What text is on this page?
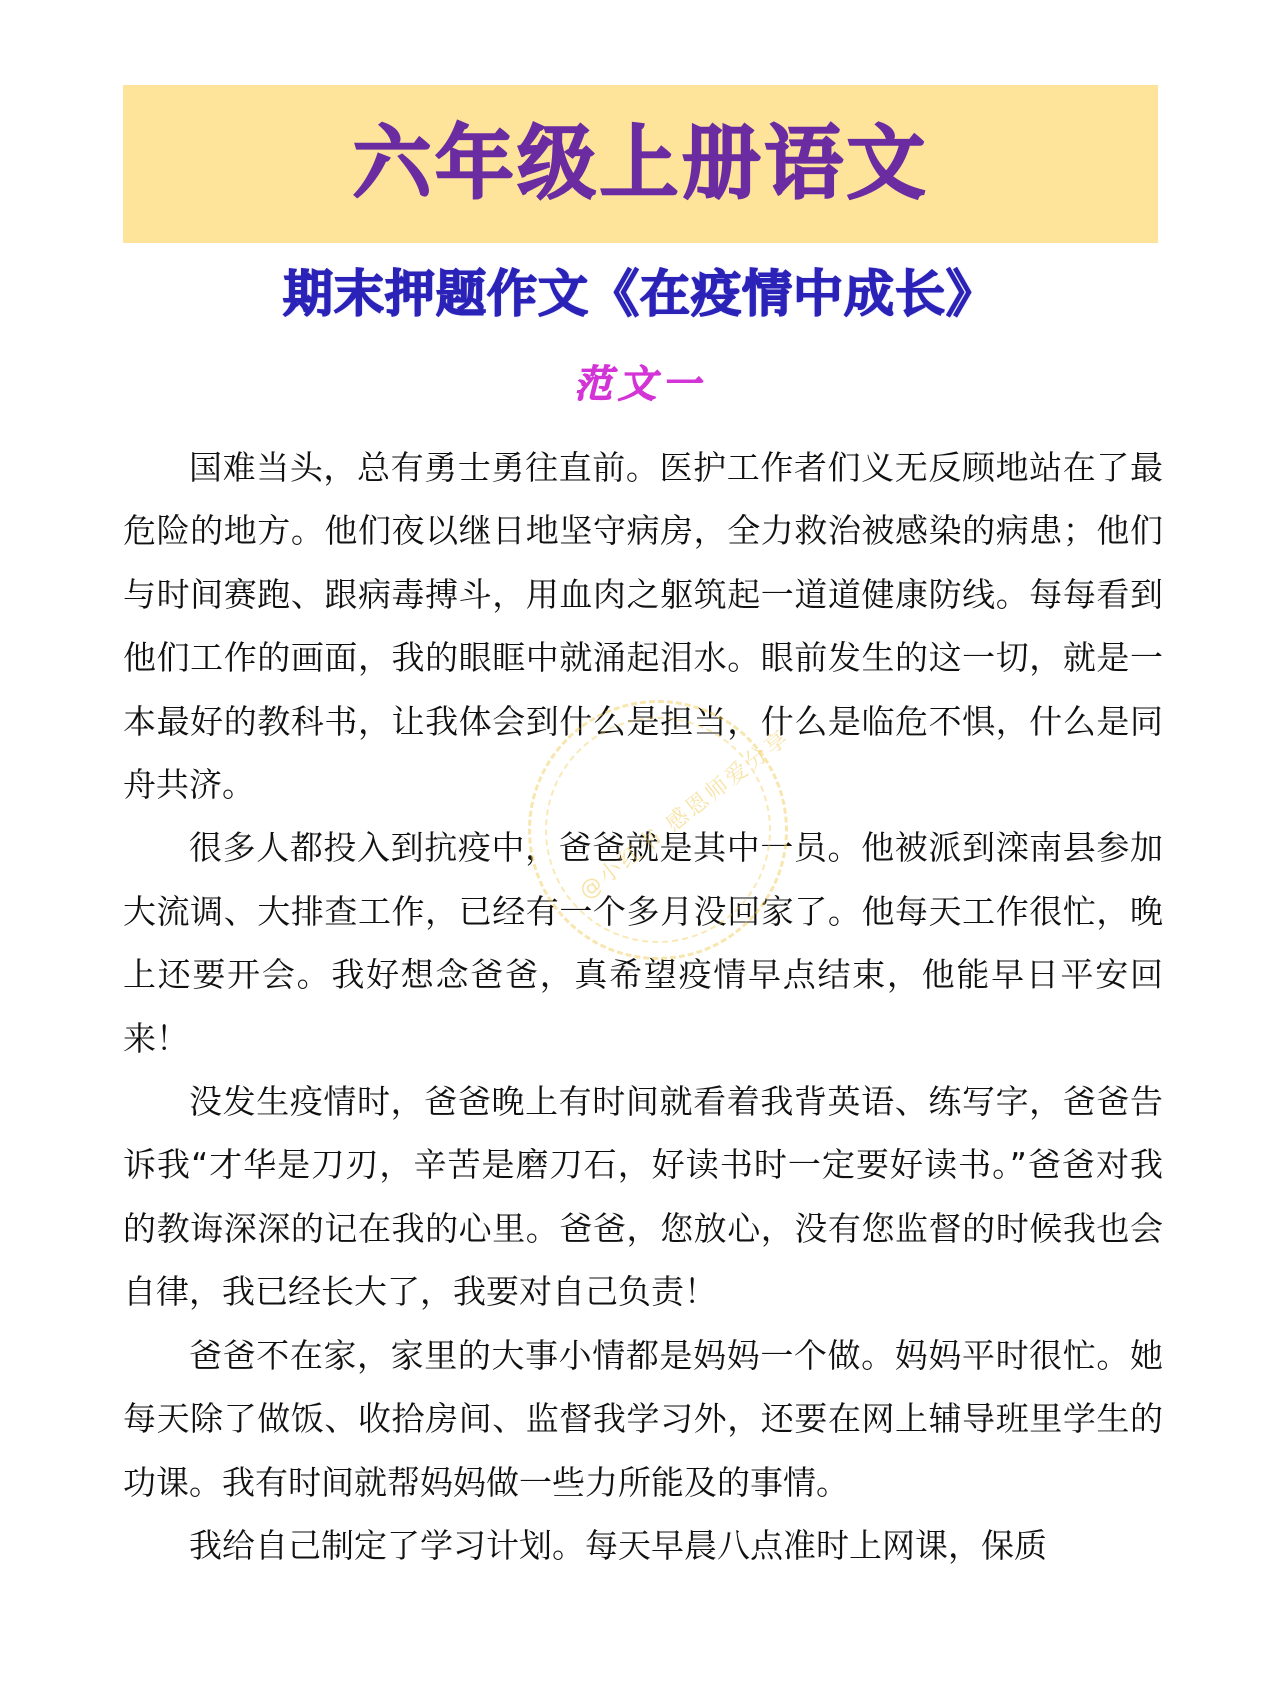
六年级上册语文
期末押题作文《在疫情中成长》
范文一

国难当头，总有勇士勇往直前。医护工作者们义无反顾地站在了最危险的地方。他们夜以继日地坚守病房，全力救治被感染的病患；他们与时间赛跑、跟病毒搏斗，用血肉之躯筑起一道道健康防线。每每看到他们工作的画面，我的眼眶中就涌起泪水。眼前发生的这一切，就是一本最好的教科书，让我体会到什么是担当，什么是临危不惧，什么是同舟共济。

很多人都投入到抗疫中，爸爸就是其中一员。他被派到滦南县参加大流调、大排查工作，已经有一个多月没回家了。他每天工作很忙，晚上还要开会。我好想念爸爸，真希望疫情早点结束，他能早日平安回来！

没发生疫情时，爸爸晚上有时间就看着我背英语、练写字，爸爸告诉我“才华是刀刃，辛苦是磨刀石，好读书时一定要好读书。”爸爸对我的教诲深深的记在我的心里。爸爸，您放心，没有您监督的时候我也会自律，我已经长大了，我要对自己负责！

爸爸不在家，家里的大事小情都是妈妈一个做。妈妈平时很忙。她每天除了做饭、收拾房间、监督我学习外，还要在网上辅导班里学生的功课。我有时间就帮妈妈做一些力所能及的事情。

我给自己制定了学习计划。每天早晨八点准时上网课，保质

@小红书 感恩师爱分享
